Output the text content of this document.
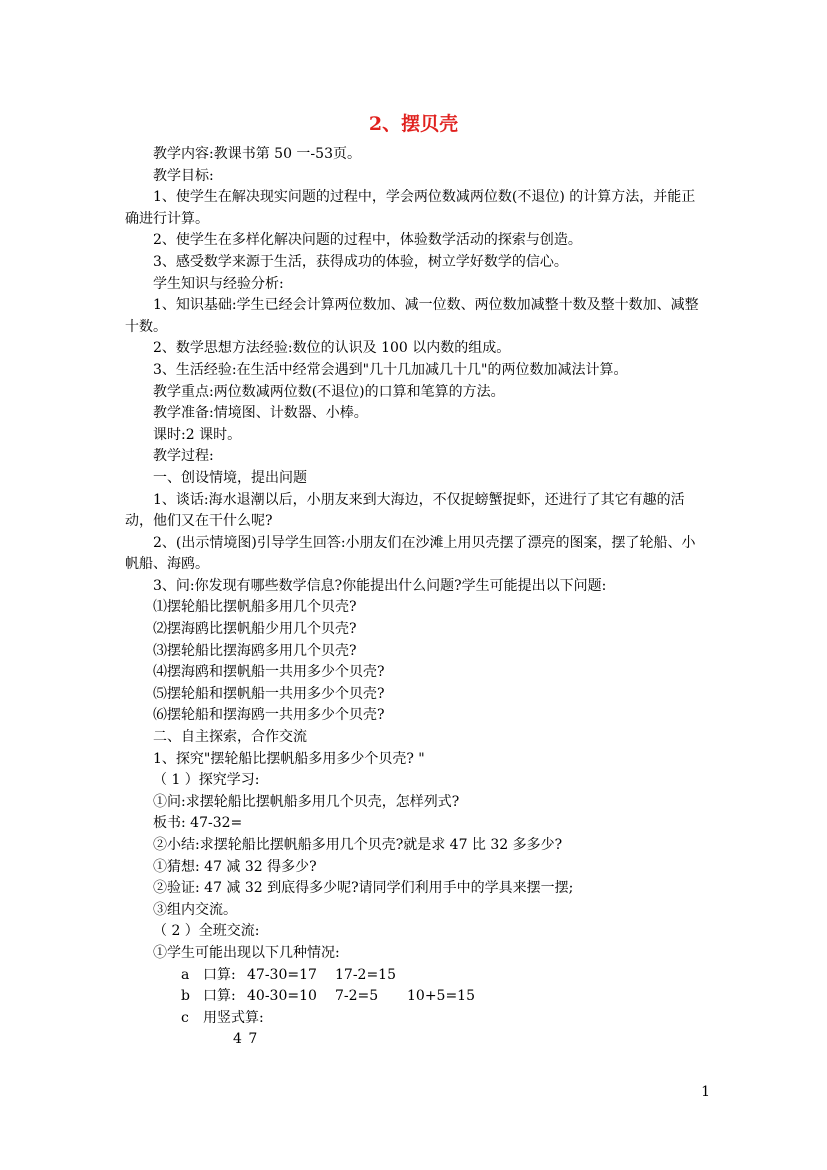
2、摆贝壳

教学内容:教课书第 50 一-53页。

教学目标:

1、使学生在解决现实问题的过程中，学会两位数减两位数(不退位) 的计算方法，并能正确进行计算。

2、使学生在多样化解决问题的过程中，体验数学活动的探索与创造。

3、感受数学来源于生活，获得成功的体验，树立学好数学的信心。

学生知识与经验分析:

1、知识基础:学生已经会计算两位数加、减一位数、两位数加减整十数及整十数加、减整十数。

2、数学思想方法经验:数位的认识及 100 以内数的组成。

3、生活经验:在生活中经常会遇到"几十几加减几十几"的两位数加减法计算。

教学重点:两位数减两位数(不退位)的口算和笔算的方法。

教学准备:情境图、计数器、小棒。

课时:2 课时。

教学过程:

一、创设情境，提出问题

1、谈话:海水退潮以后，小朋友来到大海边，不仅捉螃蟹捉虾，还进行了其它有趣的活动，他们又在干什么呢?

2、(出示情境图)引导学生回答:小朋友们在沙滩上用贝壳摆了漂亮的图案，摆了轮船、小帆船、海鸥。

3、问:你发现有哪些数学信息?你能提出什么问题?学生可能提出以下问题:

⑴摆轮船比摆帆船多用几个贝壳?

⑵摆海鸥比摆帆船少用几个贝壳?

⑶摆轮船比摆海鸥多用几个贝壳?

⑷摆海鸥和摆帆船一共用多少个贝壳?

⑸摆轮船和摆帆船一共用多少个贝壳?

⑹摆轮船和摆海鸥一共用多少个贝壳?

二、自主探索，合作交流

1、探究"摆轮船比摆帆船多用多少个贝壳? "

（ 1 ）探究学习:

①问:求摆轮船比摆帆船多用几个贝壳，怎样列式?

板书: 47-32=

②小结:求摆轮船比摆帆船多用几个贝壳?就是求 47 比 32 多多少?

①猜想: 47 减 32 得多少?

②验证: 47 减 32 到底得多少呢?请同学们利用手中的学具来摆一摆;

③组内交流。

（ 2 ）全班交流:

①学生可能出现以下几种情况:

a 口算: 47-30=17 17-2=15

b 口算: 40-30=10 7-2=5 10+5=15

c 用竖式算:

4 7

1
